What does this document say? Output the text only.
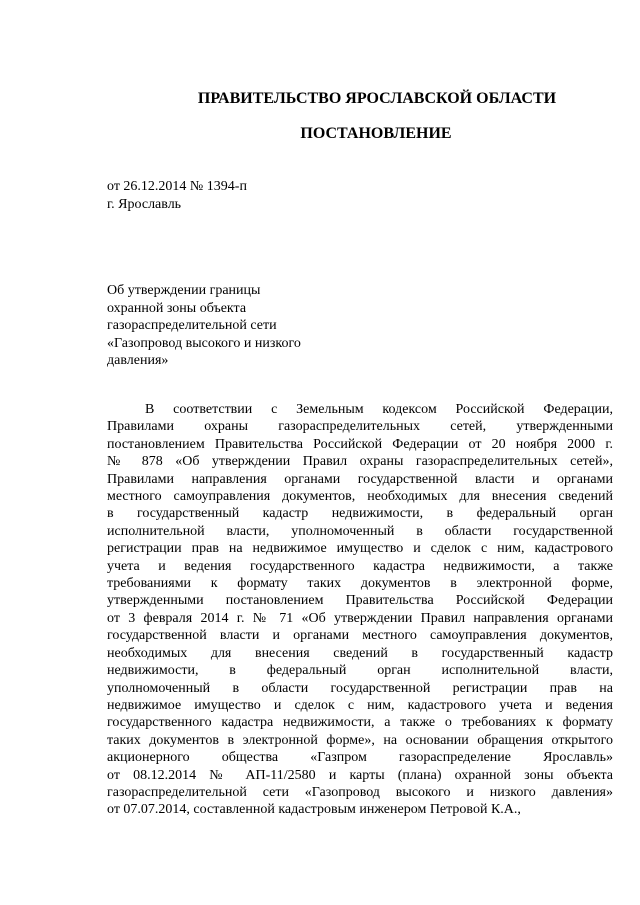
ПРАВИТЕЛЬСТВО ЯРОСЛАВСКОЙ ОБЛАСТИ
ПОСТАНОВЛЕНИЕ
от 26.12.2014 № 1394-п
г. Ярославль
Об утверждении границы
охранной зоны объекта
газораспределительной сети
«Газопровод высокого и низкого
давления»
В соответствии с Земельным кодексом Российской Федерации,
Правилами охраны газораспределительных сетей, утвержденными
постановлением Правительства Российской Федерации от 20 ноября 2000 г.
№ 878 «Об утверждении Правил охраны газораспределительных сетей»,
Правилами направления органами государственной власти и органами
местного самоуправления документов, необходимых для внесения сведений
в государственный кадастр недвижимости, в федеральный орган
исполнительной власти, уполномоченный в области государственной
регистрации прав на недвижимое имущество и сделок с ним, кадастрового
учета и ведения государственного кадастра недвижимости, а также
требованиями к формату таких документов в электронной форме,
утвержденными постановлением Правительства Российской Федерации
от 3 февраля 2014 г. № 71 «Об утверждении Правил направления органами
государственной власти и органами местного самоуправления документов,
необходимых для внесения сведений в государственный кадастр
недвижимости, в федеральный орган исполнительной власти,
уполномоченный в области государственной регистрации прав на
недвижимое имущество и сделок с ним, кадастрового учета и ведения
государственного кадастра недвижимости, а также о требованиях к формату
таких документов в электронной форме», на основании обращения открытого
акционерного общества «Газпром газораспределение Ярославль»
от 08.12.2014 № АП-11/2580 и карты (плана) охранной зоны объекта
газораспределительной сети «Газопровод высокого и низкого давления»
от 07.07.2014, составленной кадастровым инженером Петровой К.А.,
